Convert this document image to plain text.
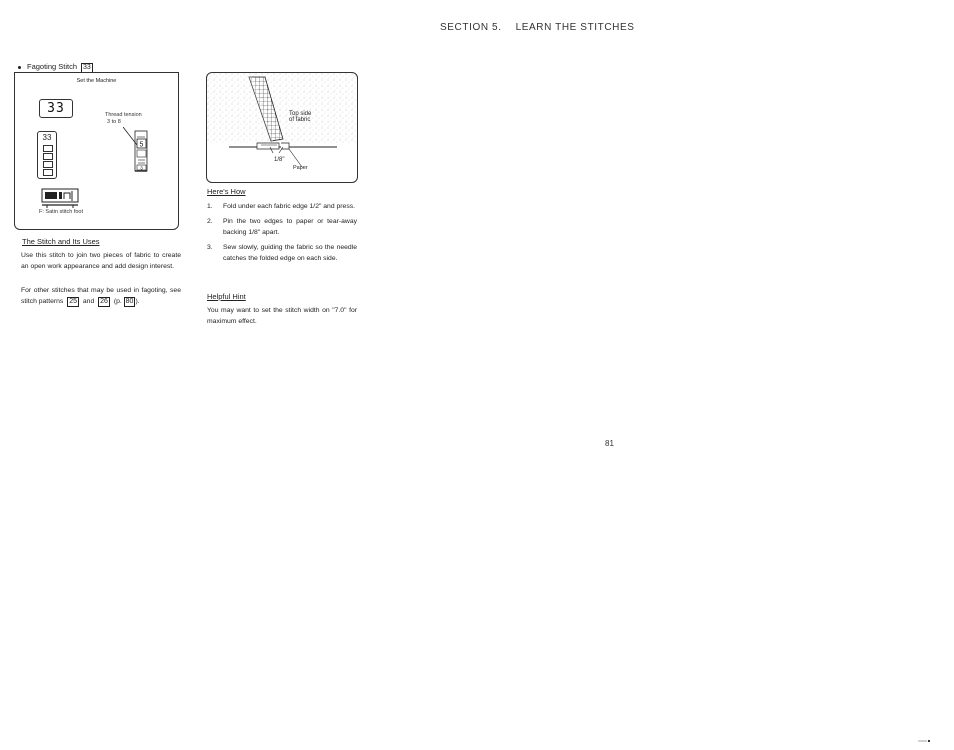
SECTION 5. LEARN THE STITCHES
Fagoting Stitch 33
Set the Machine
33
33
Thread tension
3 to 8
5
3
F: Satin stitch foot
The Stitch and Its Uses
Use this stitch to join two pieces of fabric to create an open work appearance and add design interest.
For other stitches that may be used in fagoting, see stitch patterns 25 and 26 (p. 80 ).
Top side
of fabric
1/8"
Paper
Here's How
1.	Fold under each fabric edge 1/2" and press.
2.	Pin the two edges to paper or tear-away backing 1/8" apart.
3.	Sew slowly, guiding the fabric so the needle catches the folded edge on each side.
Helpful Hint
You may want to set the stitch width on "7.0" for maximum effect.
81
